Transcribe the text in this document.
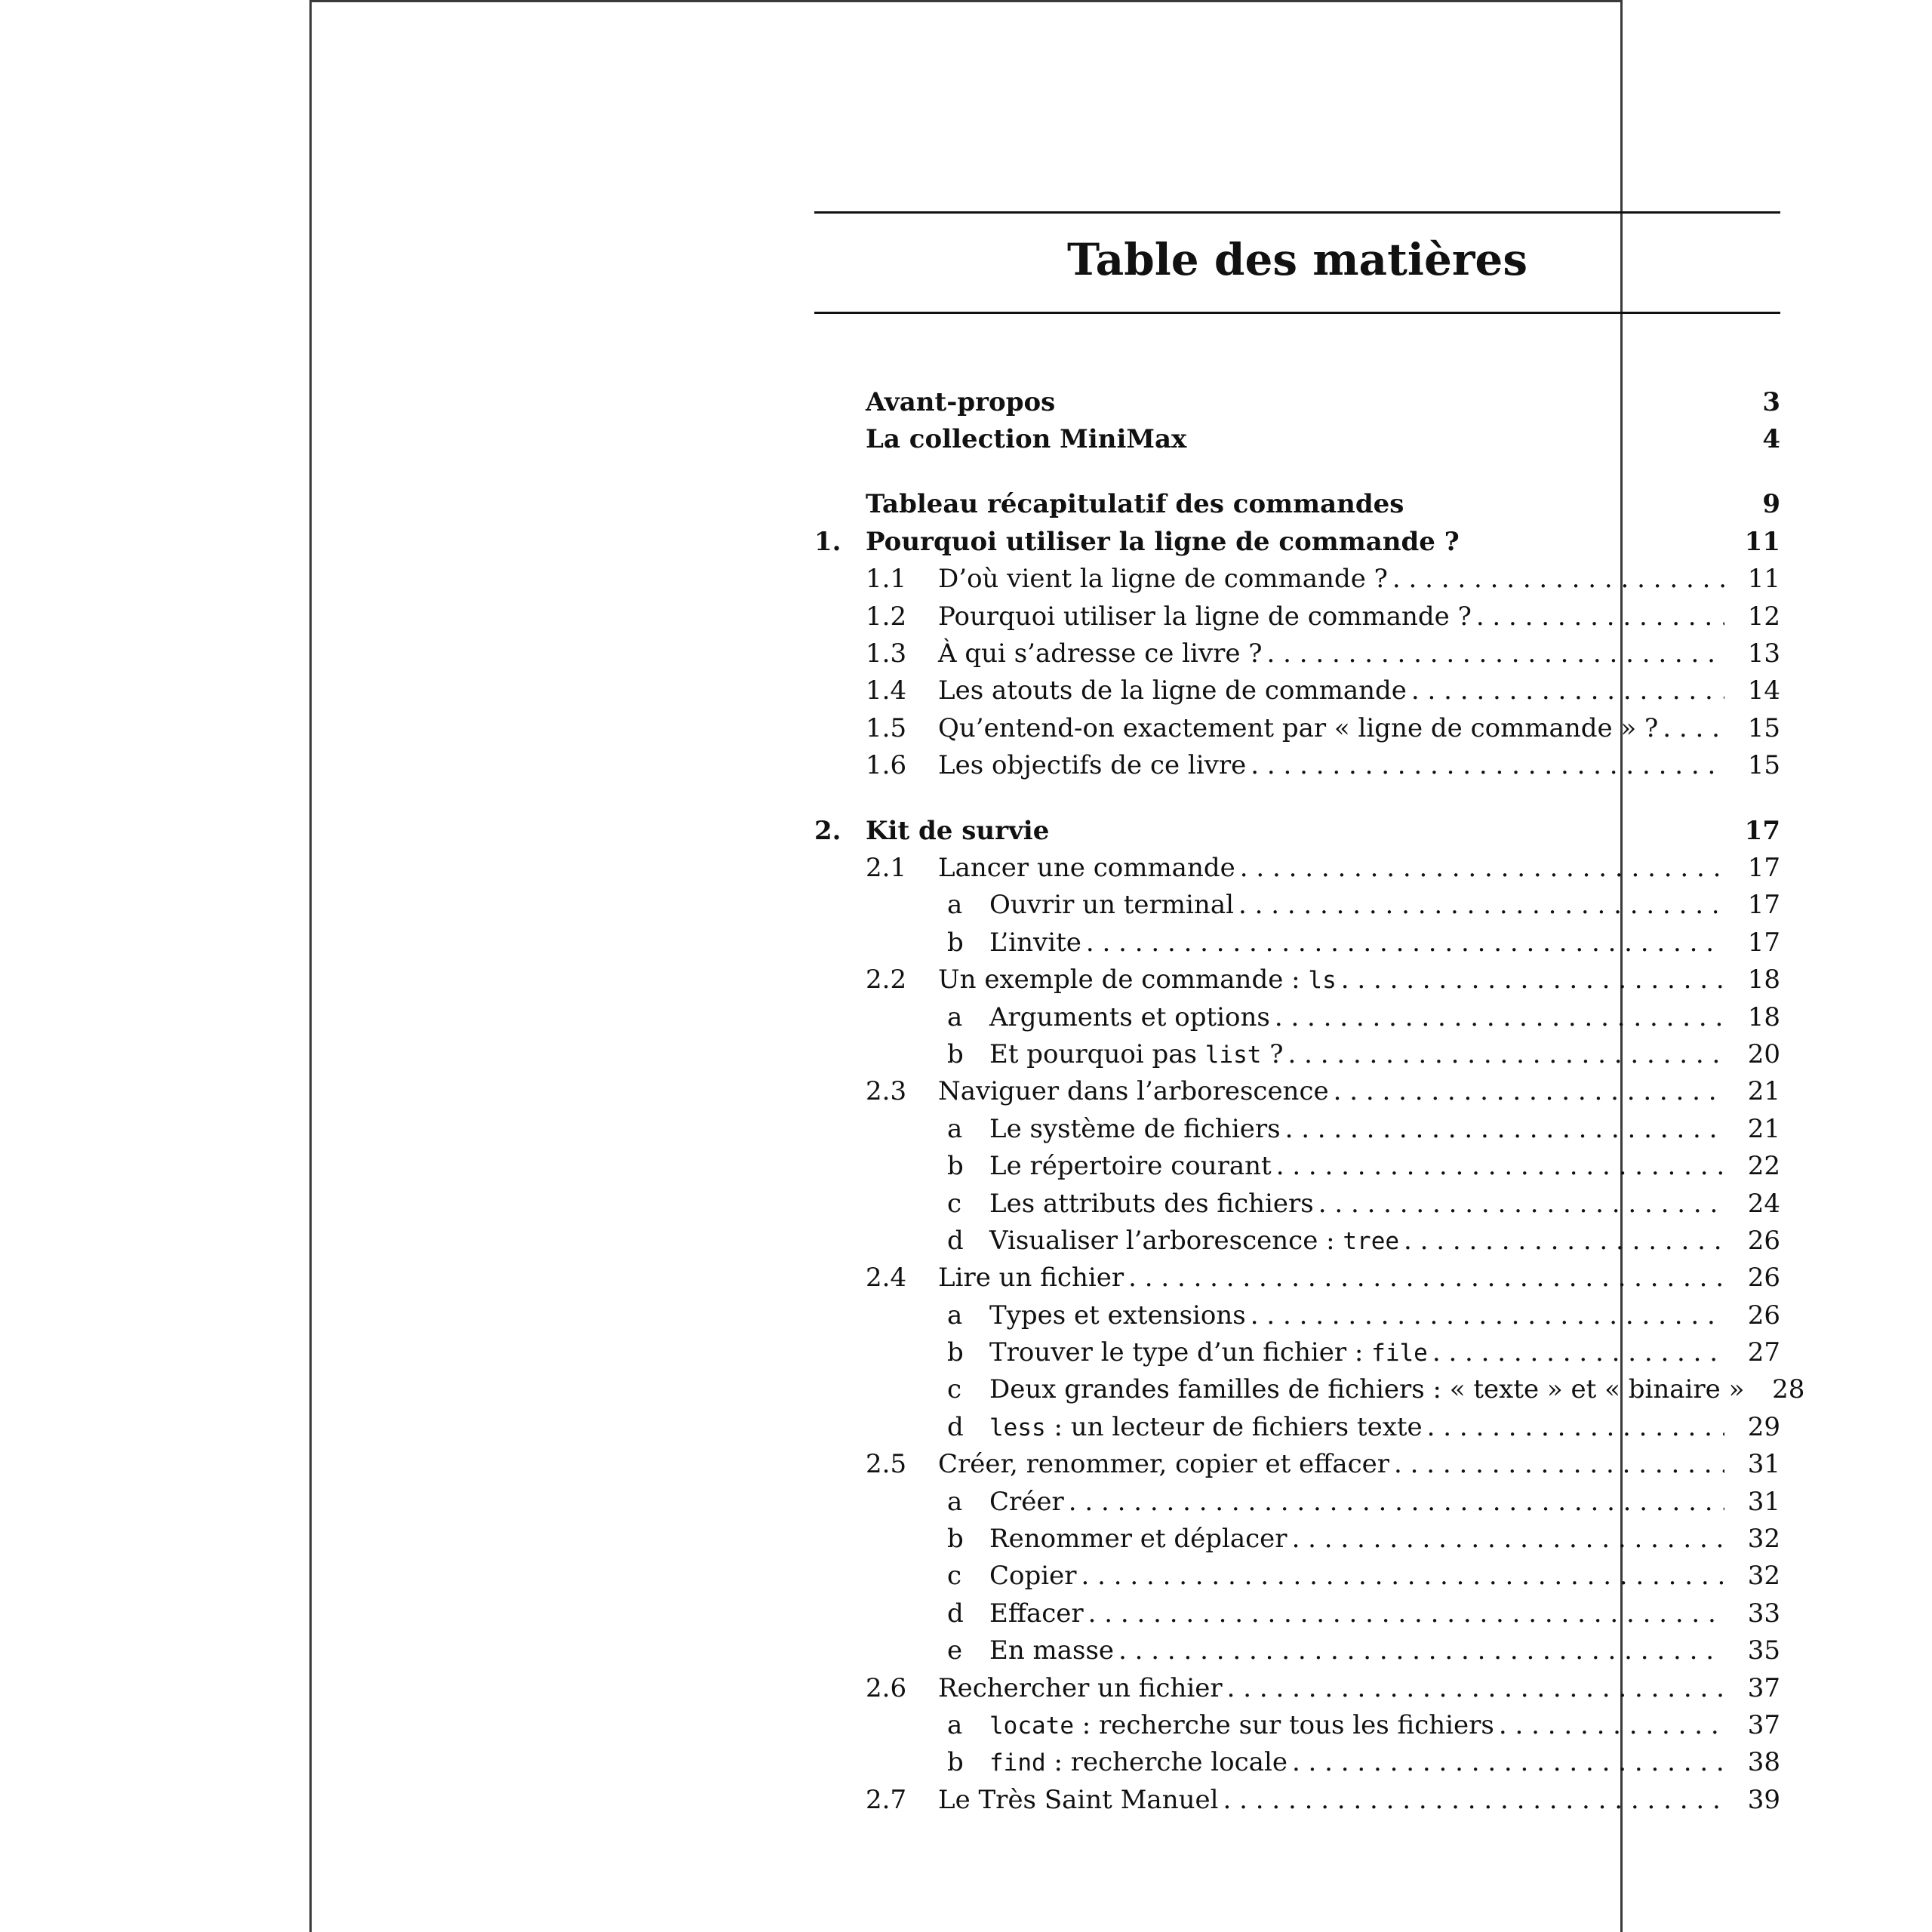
Table des matières
Avant-propos	3
La collection MiniMax	4
Tableau récapitulatif des commandes	9
1. Pourquoi utiliser la ligne de commande ?	11
1.1	D’où vient la ligne de commande ? . . .	11
1.2	Pourquoi utiliser la ligne de commande ? . . .	12
1.3	À qui s’adresse ce livre ? . . .	13
1.4	Les atouts de la ligne de commande . . .	14
1.5	Qu’entend-on exactement par « ligne de commande » ? . . .	15
1.6	Les objectifs de ce livre . . .	15
2. Kit de survie	17
2.1	Lancer une commande . . .	17
a	Ouvrir un terminal . . .	17
b	L’invite . . .	17
2.2	Un exemple de commande : ls . . .	18
a	Arguments et options . . .	18
b	Et pourquoi pas list ? . . .	20
2.3	Naviguer dans l’arborescence . . .	21
a	Le système de fichiers . . .	21
b	Le répertoire courant . . .	22
c	Les attributs des fichiers . . .	24
d	Visualiser l’arborescence : tree . . .	26
2.4	Lire un fichier . . .	26
a	Types et extensions . . .	26
b	Trouver le type d’un fichier : file . . .	27
c	Deux grandes familles de fichiers : « texte » et « binaire »	28
d	less : un lecteur de fichiers texte . . .	29
2.5	Créer, renommer, copier et effacer . . .	31
a	Créer . . .	31
b	Renommer et déplacer . . .	32
c	Copier . . .	32
d	Effacer . . .	33
e	En masse . . .	35
2.6	Rechercher un fichier . . .	37
a	locate : recherche sur tous les fichiers . . .	37
b	find : recherche locale . . .	38
2.7	Le Très Saint Manuel . . .	39
